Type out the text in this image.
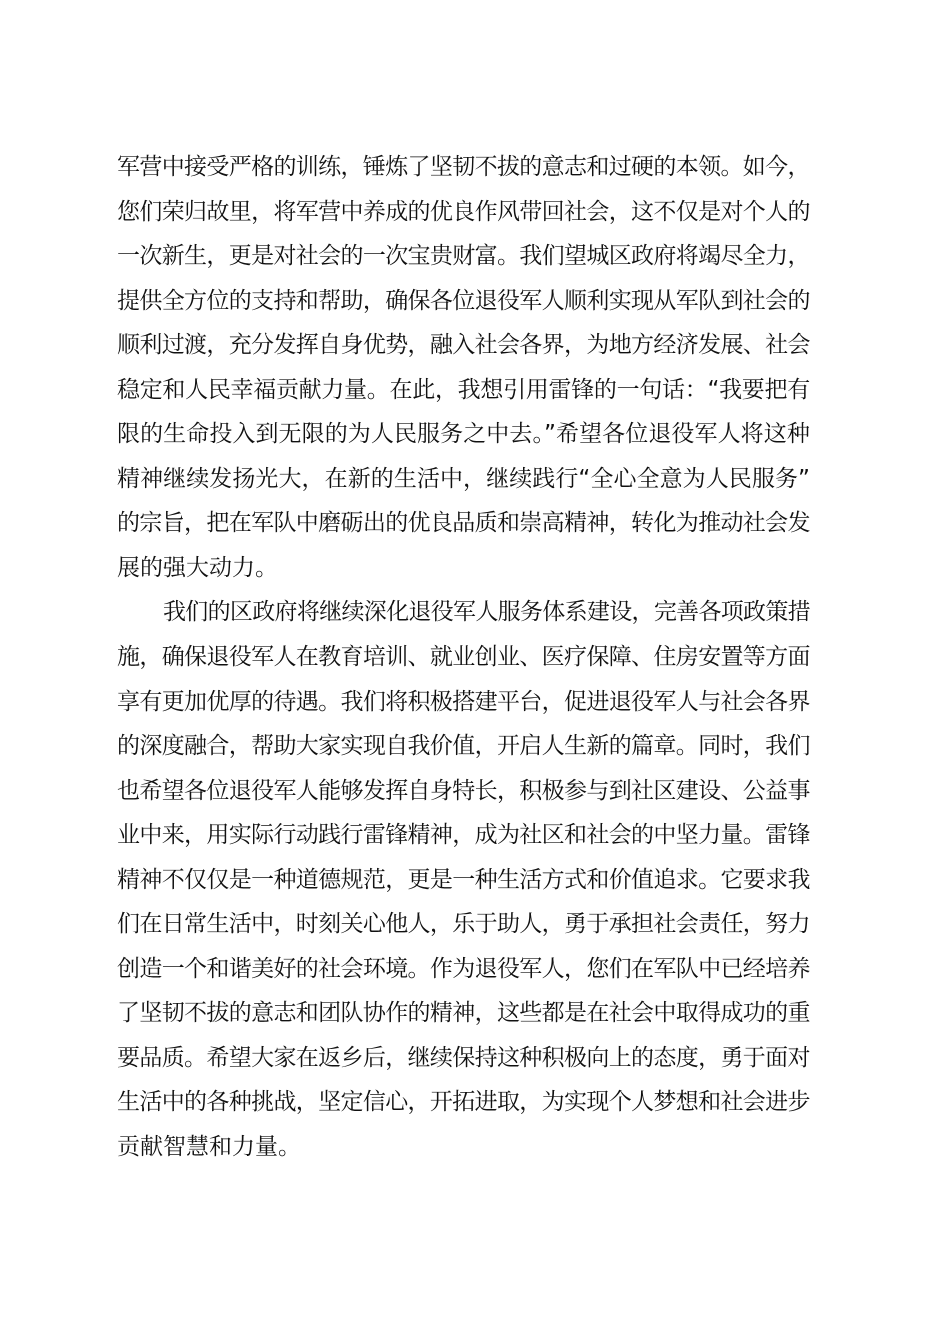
军营中接受严格的训练，锤炼了坚韧不拔的意志和过硬的本领。如今，
您们荣归故里，将军营中养成的优良作风带回社会，这不仅是对个人的
一次新生，更是对社会的一次宝贵财富。我们望城区政府将竭尽全力，
提供全方位的支持和帮助，确保各位退役军人顺利实现从军队到社会的
顺利过渡，充分发挥自身优势，融入社会各界，为地方经济发展、社会
稳定和人民幸福贡献力量。在此，我想引用雷锋的一句话：“我要把有
限的生命投入到无限的为人民服务之中去。”希望各位退役军人将这种
精神继续发扬光大，在新的生活中，继续践行“全心全意为人民服务”
的宗旨，把在军队中磨砺出的优良品质和崇高精神，转化为推动社会发
展的强大动力。
我们的区政府将继续深化退役军人服务体系建设，完善各项政策措
施，确保退役军人在教育培训、就业创业、医疗保障、住房安置等方面
享有更加优厚的待遇。我们将积极搭建平台，促进退役军人与社会各界
的深度融合，帮助大家实现自我价值，开启人生新的篇章。同时，我们
也希望各位退役军人能够发挥自身特长，积极参与到社区建设、公益事
业中来，用实际行动践行雷锋精神，成为社区和社会的中坚力量。雷锋
精神不仅仅是一种道德规范，更是一种生活方式和价值追求。它要求我
们在日常生活中，时刻关心他人，乐于助人，勇于承担社会责任，努力
创造一个和谐美好的社会环境。作为退役军人，您们在军队中已经培养
了坚韧不拔的意志和团队协作的精神，这些都是在社会中取得成功的重
要品质。希望大家在返乡后，继续保持这种积极向上的态度，勇于面对
生活中的各种挑战，坚定信心，开拓进取，为实现个人梦想和社会进步
贡献智慧和力量。
